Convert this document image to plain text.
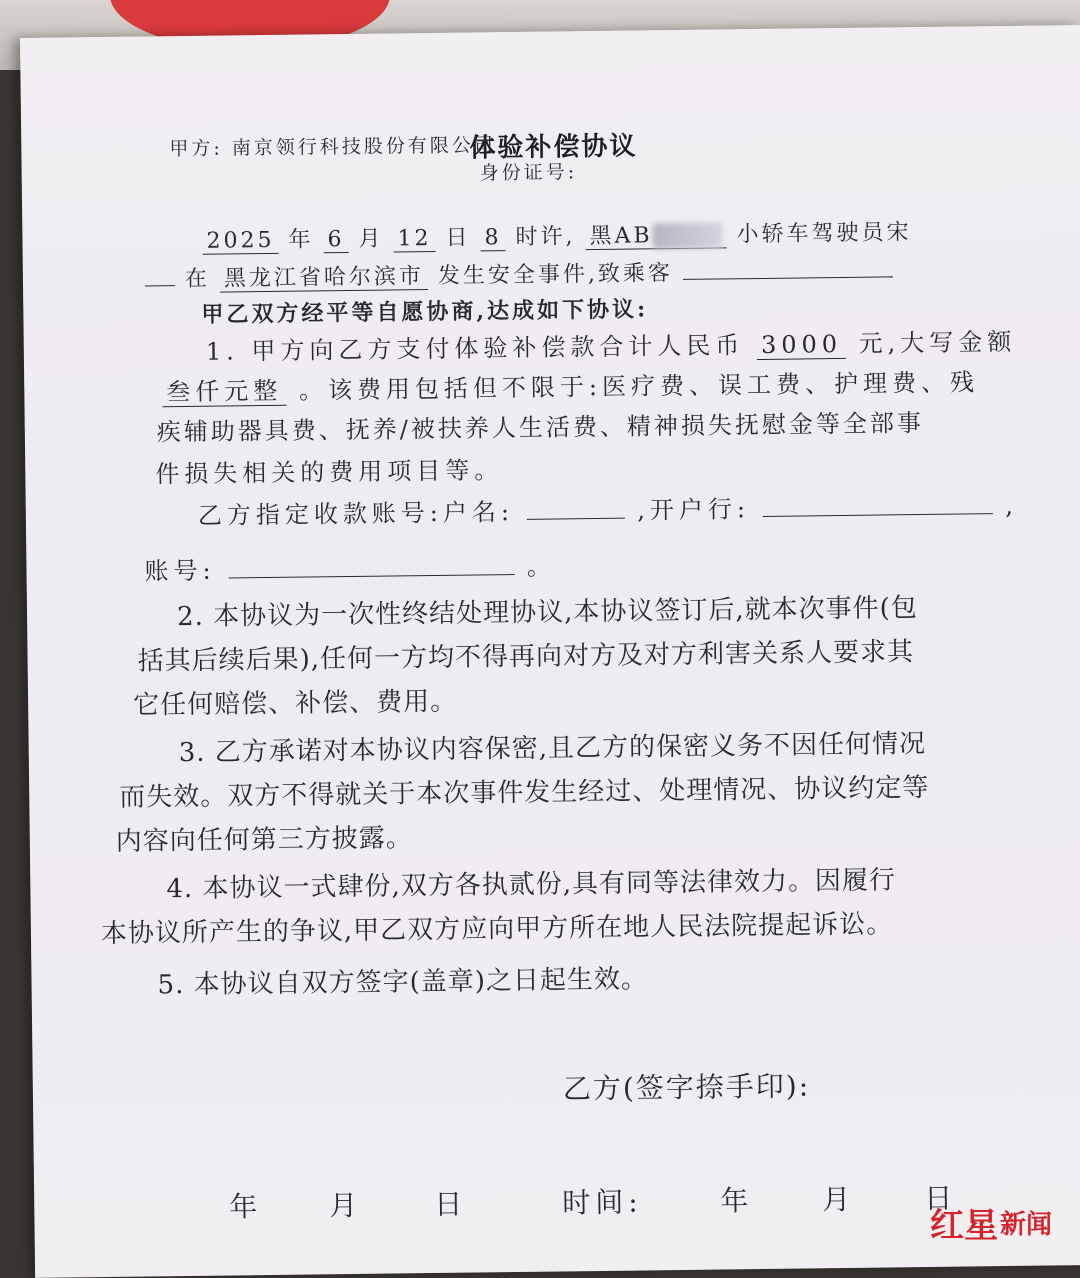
体验补偿协议
甲方: 南京领行科技股份有限公司
身份证号:
2025 年 6 月 12 日 8 时许, 黑AB	小轿车驾驶员宋
在 黑龙江省哈尔滨市 发生安全事件,致乘客
甲乙双方经平等自愿协商,达成如下协议:
1. 甲方向乙方支付体验补偿款合计人民币 3000 元,大写金额
叁仟元整 。该费用包括但不限于:医疗费、误工费、护理费、残
疾辅助器具费、抚养/被扶养人生活费、精神损失抚慰金等全部事
件损失相关的费用项目等。
乙方指定收款账号:户名:	,开户行:	,
账号:	。
2. 本协议为一次性终结处理协议,本协议签订后,就本次事件(包
括其后续后果),任何一方均不得再向对方及对方利害关系人要求其
它任何赔偿、补偿、费用。
3. 乙方承诺对本协议内容保密,且乙方的保密义务不因任何情况
而失效。双方不得就关于本次事件发生经过、处理情况、协议约定等
内容向任何第三方披露。
4. 本协议一式肆份,双方各执贰份,具有同等法律效力。因履行
本协议所产生的争议,甲乙双方应向甲方所在地人民法院提起诉讼。
5. 本协议自双方签字(盖章)之日起生效。
乙方(签字捺手印):
年 月	日	时间:	年 月 日
红星 新闻
